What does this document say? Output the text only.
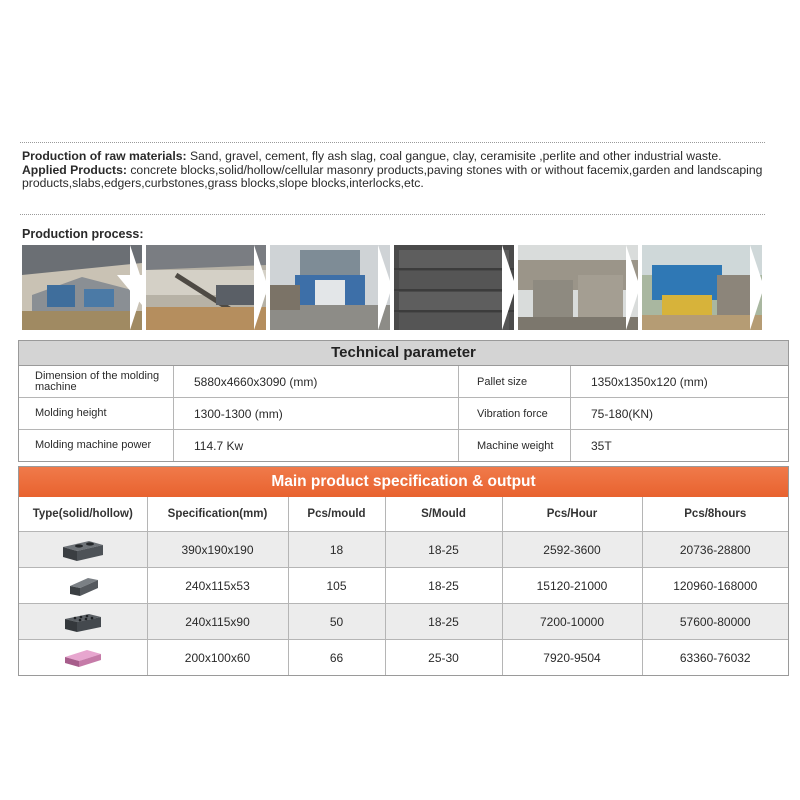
Production of raw materials: Sand, gravel, cement, fly ash slag, coal gangue, clay, ceramisite ,perlite and other industrial waste.
Applied Products: concrete blocks,solid/hollow/cellular masonry products,paving stones with or without facemix,garden and landscaping products,slabs,edgers,curbstones,grass blocks,slope blocks,interlocks,etc.
Production process:
Technical parameter
Dimension of the molding machine	5880x4660x3090 (mm)	Pallet size	1350x1350x120 (mm)
Molding height	1300-1300 (mm)	Vibration force	75-180(KN)
Molding machine power	114.7 Kw	Machine weight	35T
Main product specification & output
Type(solid/hollow)	Specification(mm)	Pcs/mould	S/Mould	Pcs/Hour	Pcs/8hours
	390x190x190	18	18-25	2592-3600	20736-28800
	240x115x53	105	18-25	15120-21000	120960-168000
	240x115x90	50	18-25	7200-10000	57600-80000
	200x100x60	66	25-30	7920-9504	63360-76032
